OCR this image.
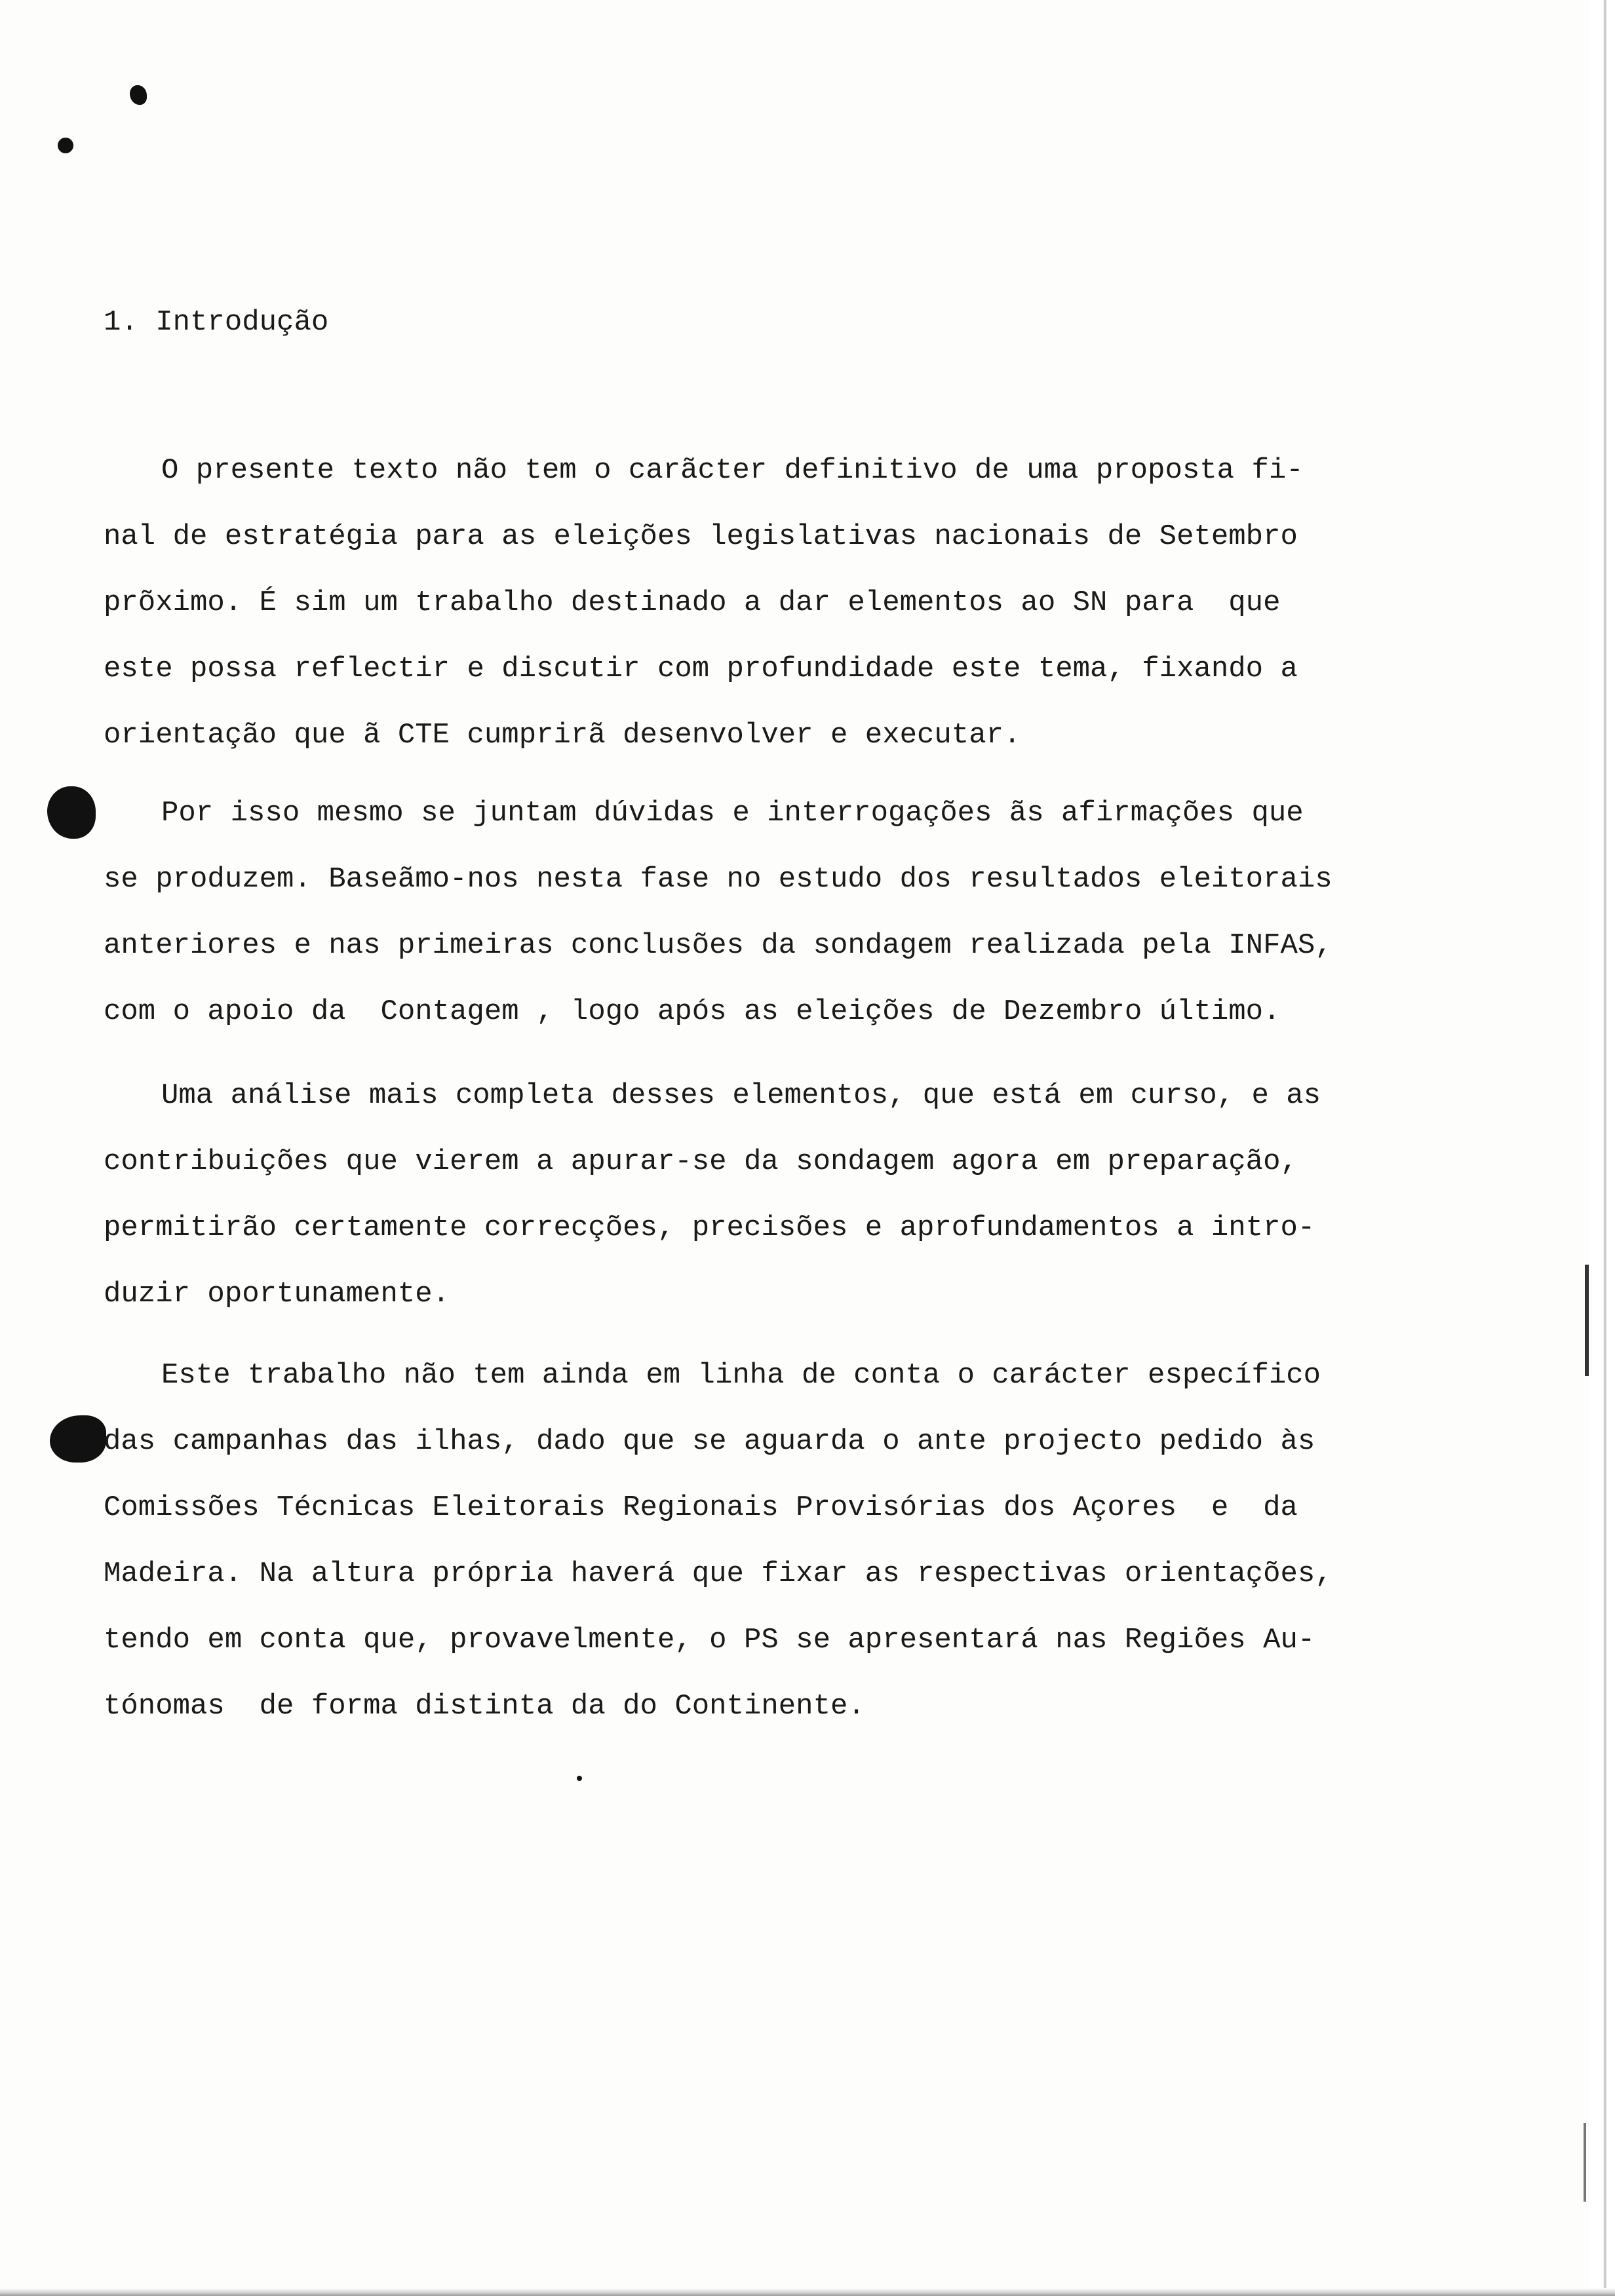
1. Introdução
O presente texto não tem o carãcter definitivo de uma proposta fi-
nal de estratégia para as eleições legislativas nacionais de Setembro
prõximo. É sim um trabalho destinado a dar elementos ao SN para  que
este possa reflectir e discutir com profundidade este tema, fixando a
orientação que ã CTE cumprirã desenvolver e executar.
Por isso mesmo se juntam dúvidas e interrogações ãs afirmações que
se produzem. Baseãmo-nos nesta fase no estudo dos resultados eleitorais
anteriores e nas primeiras conclusões da sondagem realizada pela INFAS,
com o apoio da  Contagem , logo após as eleições de Dezembro último.
Uma análise mais completa desses elementos, que está em curso, e as
contribuições que vierem a apurar-se da sondagem agora em preparação,
permitirão certamente correcções, precisões e aprofundamentos a intro-
duzir oportunamente.
Este trabalho não tem ainda em linha de conta o carácter específico
das campanhas das ilhas, dado que se aguarda o ante projecto pedido às
Comissões Técnicas Eleitorais Regionais Provisórias dos Açores  e  da
Madeira. Na altura própria haverá que fixar as respectivas orientações,
tendo em conta que, provavelmente, o PS se apresentará nas Regiões Au-
tónomas  de forma distinta da do Continente.
